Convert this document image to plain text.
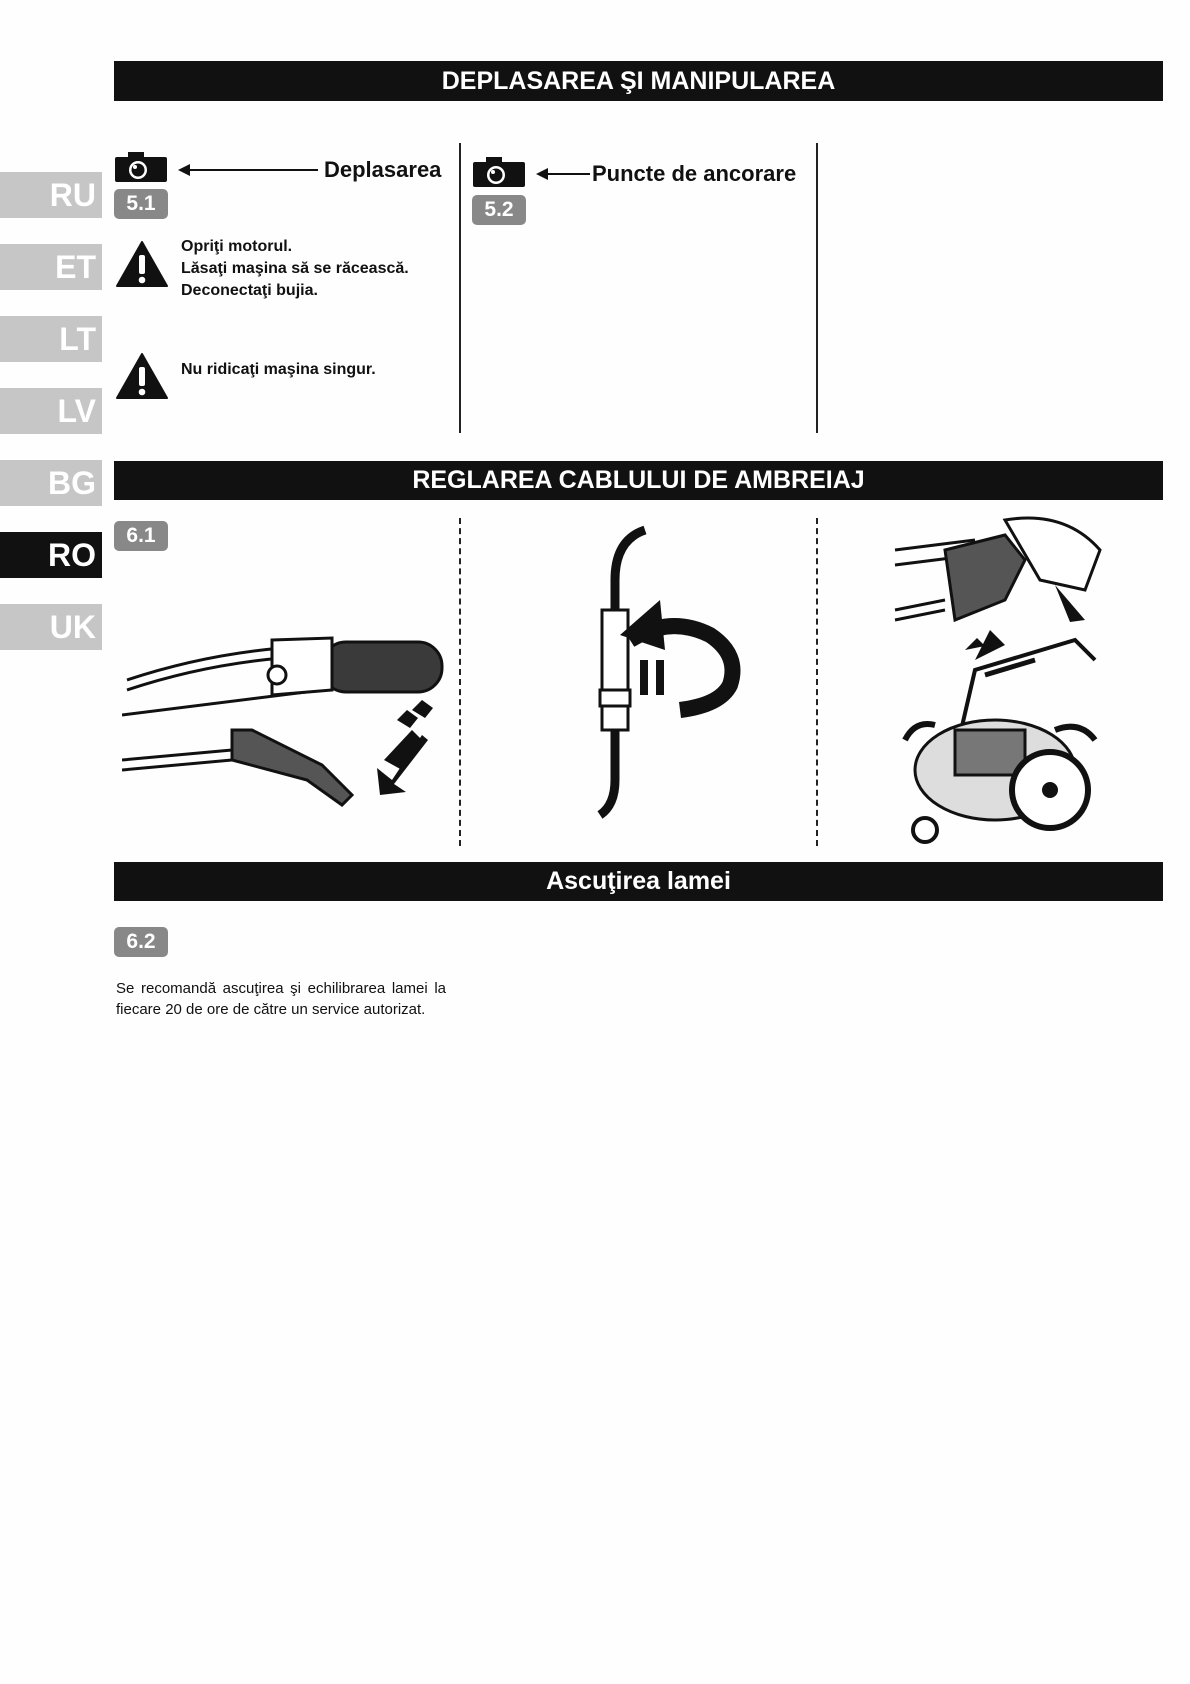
RU
ET
LT
LV
BG
RO
UK
DEPLASAREA ŞI MANIPULAREA
5.1
Deplasarea
Opriţi motorul.
Lăsaţi maşina să se răcească.
Deconectaţi bujia.
Nu ridicaţi maşina singur.
5.2
Puncte de ancorare
REGLAREA CABLULUI DE AMBREIAJ
6.1
Ascuţirea lamei
6.2
Se recomandă ascuţirea şi echilibrarea lamei la fiecare 20 de ore de către un service autorizat.
